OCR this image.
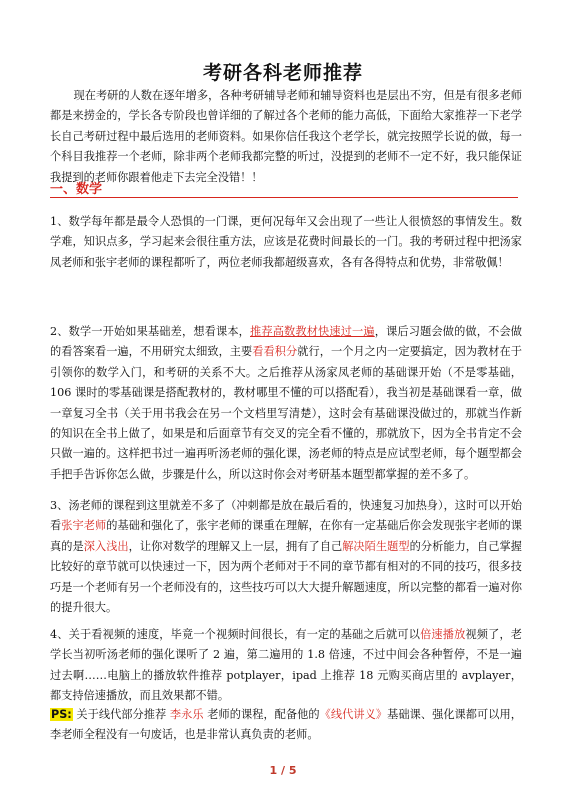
考研各科老师推荐
现在考研的人数在逐年增多，各种考研辅导老师和辅导资料也是层出不穷，但是有很多老师都是来捞金的，学长各专阶段也曾详细的了解过各个老师的能力高低，下面给大家推荐一下老学长自己考研过程中最后选用的老师资料。如果你信任我这个老学长，就完按照学长说的做，每一个科目我推荐一个老师，除非两个老师我都完整的听过，没提到的老师不一定不好，我只能保证我提到的老师你跟着他走下去完全没错！！
一、数学
1、数学每年都是最令人恐惧的一门课，更何况每年又会出现了一些让人很愤怒的事情发生。数学难，知识点多，学习起来会很往重方法，应该是花费时间最长的一门。我的考研过程中把汤家凤老师和张宇老师的课程都听了，两位老师我都超级喜欢，各有各得特点和优势，非常敬佩！
2、数学一开始如果基础差，想看课本，推荐高数教材快速过一遍，课后习题会做的做，不会做的看答案看一遍，不用研究太细致，主要看看积分就行，一个月之内一定要搞定，因为教材在于引领你的数学入门，和考研的关系不大。之后推荐从汤家凤老师的基础课开始（不是零基础，106 课时的零基础课是搭配教材的，教材哪里不懂的可以搭配看），我当初是基础课看一章，做一章复习全书（关于用书我会在另一个文档里写清楚），这时会有基础课没做过的，那就当作新的知识在全书上做了，如果是和后面章节有交叉的完全看不懂的，那就放下，因为全书肯定不会只做一遍的。这样把书过一遍再听汤老师的强化课，汤老师的特点是应试型老师，每个题型都会手把手告诉你怎么做，步骤是什么，所以这时你会对考研基本题型都掌握的差不多了。
3、汤老师的课程到这里就差不多了（冲刺都是放在最后看的，快速复习加热身），这时可以开始看张宇老师的基础和强化了，张宇老师的课重在理解，在你有一定基础后你会发现张宇老师的课真的是深入浅出，让你对数学的理解又上一层，拥有了自己解决陌生题型的分析能力，自己掌握比较好的章节就可以快速过一下，因为两个老师对于不同的章节都有相对的不同的技巧，很多技巧是一个老师有另一个老师没有的，这些技巧可以大大提升解题速度，所以完整的都看一遍对你的提升很大。
4、关于看视频的速度，毕竟一个视频时间很长，有一定的基础之后就可以倍速播放视频了，老学长当初听汤老师的强化课听了 2 遍，第二遍用的 1.8 倍速，不过中间会各种暂停，不是一遍过去啊……电脑上的播放软件推荐 potplayer，ipad 上推荐 18 元购买商店里的 avplayer，都支持倍速播放，而且效果都不错。
PS: 关于线代部分推荐 李永乐 老师的课程，配备他的《线代讲义》基础课、强化课都可以用，李老师全程没有一句废话，也是非常认真负责的老师。
1 / 5
